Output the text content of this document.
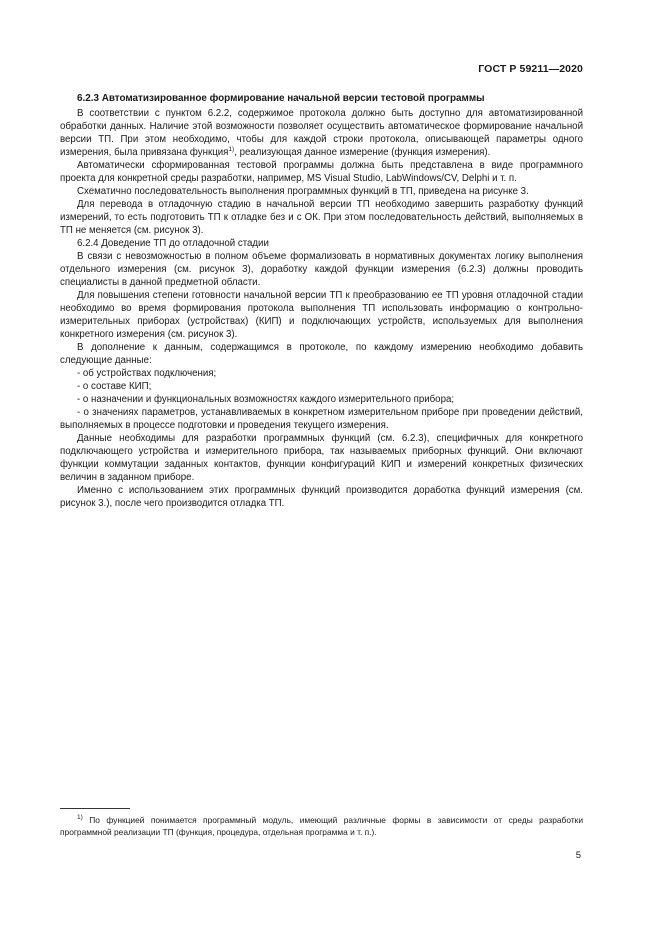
ГОСТ Р 59211—2020

6.2.3 Автоматизированное формирование начальной версии тестовой программы

В соответствии с пунктом 6.2.2, содержимое протокола должно быть доступно для автоматизированной обработки данных. Наличие этой возможности позволяет осуществить автоматическое формирование начальной версии ТП. При этом необходимо, чтобы для каждой строки протокола, описывающей параметры одного измерения, была привязана функция$^{1)}$, реализующая данное измерение (функция измерения).

Автоматически сформированная тестовой программы должна быть представлена в виде программного проекта для конкретной среды разработки, например, MS Visual Studio, LabWindows/CV, Delphi и т. п.

Схематично последовательность выполнения программных функций в ТП, приведена на рисунке 3.

Для перевода в отладочную стадию в начальной версии ТП необходимо завершить разработку функций измерений, то есть подготовить ТП к отладке без и с ОК. При этом последовательность действий, выполняемых в ТП не меняется (см. рисунок 3).

6.2.4 Доведение ТП до отладочной стадии

В связи с невозможностью в полном объеме формализовать в нормативных документах логику выполнения отдельного измерения (см. рисунок 3), доработку каждой функции измерения (6.2.3) должны проводить специалисты в данной предметной области.

Для повышения степени готовности начальной версии ТП к преобразованию ее ТП уровня отладочной стадии необходимо во время формирования протокола выполнения ТП использовать информацию о контрольно-измерительных приборах (устройствах) (КИП) и подключающих устройств, используемых для выполнения конкретного измерения (см. рисунок 3).

В дополнение к данным, содержащимся в протоколе, по каждому измерению необходимо добавить следующие данные:

- об устройствах подключения;

- о составе КИП;

- о назначении и функциональных возможностях каждого измерительного прибора;

- о значениях параметров, устанавливаемых в конкретном измерительном приборе при проведении действий, выполняемых в процессе подготовки и проведения текущего измерения.

Данные необходимы для разработки программных функций (см. 6.2.3), специфичных для конкретного подключающего устройства и измерительного прибора, так называемых приборных функций. Они включают функции коммутации заданных контактов, функции конфигураций КИП и измерений конкретных физических величин в заданном приборе.

Именно с использованием этих программных функций производится доработка функций измерения (см. рисунок 3.), после чего производится отладка ТП.

$^{1)}$ По функцией понимается программный модуль, имеющий различные формы в зависимости от среды разработки программной реализации ТП (функция, процедура, отдельная программа и т. п.).
5
